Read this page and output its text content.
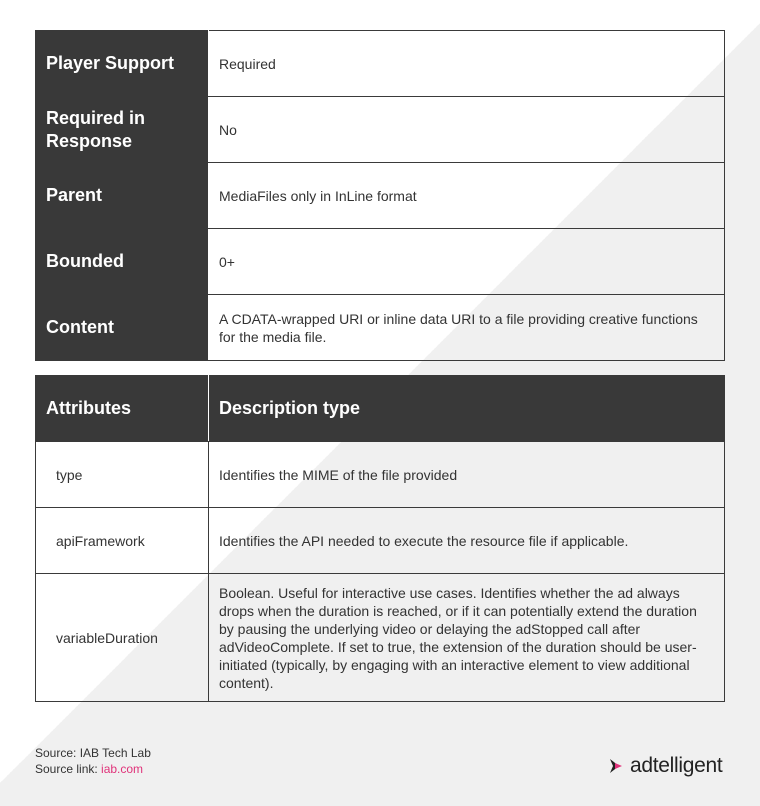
Player Support	Required
Required in Response	No
Parent	MediaFiles only in InLine format
Bounded	0+
Content	A CDATA-wrapped URI or inline data URI to a file providing creative functions for the media file.
Attributes	Description type
type	Identifies the MIME of the file provided
apiFramework	Identifies the API needed to execute the resource file if applicable.
variableDuration	Boolean. Useful for interactive use cases. Identifies whether the ad always drops when the duration is reached, or if it can potentially extend the duration by pausing the underlying video or delaying the adStopped call after adVideoComplete. If set to true, the extension of the duration should be user-initiated (typically, by engaging with an interactive element to view additional content).
Source: IAB Tech Lab
Source link: iab.com	adtelligent
